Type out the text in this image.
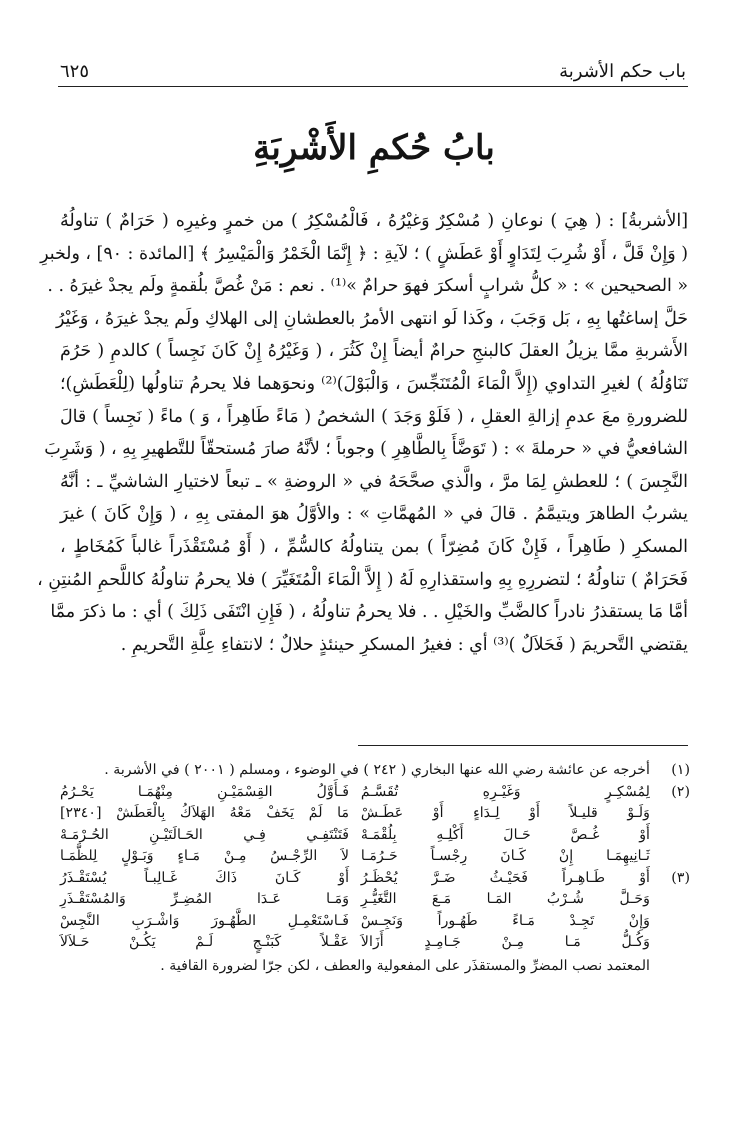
باب حكم الأشربة
٦٢٥
بابُ حُكمِ الأَشْرِبَةِ

[الأشربةُ] : ( هِيَ ) نوعانِ ( مُسْكِرٌ وَغيْرُهُ ، فَالْمُسْكِرُ ) من خمرٍ وغيرِه ( حَرَامٌ ) تناولُهُ

( وَإِنْ قَلَّ ، أَوْ شُرِبَ لِتَدَاوٍ أَوْ عَطَشٍ ) ؛ لآيةِ : ﴿ إِنَّمَا الْخَمْرُ وَالْمَيْسِرُ ﴾ [المائدة : ٩٠] ، ولخبرِ

« الصحيحين » : « كلُّ شرابٍ أسكرَ فهوَ حرامٌ »⁽¹⁾ . نعم : مَنْ غُصَّ بلُقمةٍ ولَم يجدْ غيرَهُ . .

حَلَّ إساغتُها بِهِ ، بَل وَجَبَ ، وكَذا لَو انتهى الأمرُ بالعطشانِ إلى الهلاكِ ولَم يجدْ غيرَهُ ، وَغَيْرُ

الأَشربةِ ممَّا يزيلُ العقلَ كالبنجِ حرامٌ أيضاً إِنْ كَثُرَ ، ( وَغَيْرُهُ إِنْ كَانَ نَجِساً ) كالدمِ ( حَرُمَ

تَنَاوُلُهُ ) لغيرِ التداوي (إِلاَّ الْمَاءَ الْمُتَنَجِّسَ ، وَالْبَوْلَ)⁽²⁾ ونحوَهما فلا يحرمُ تناولُها (لِلْعَطَشِ)؛

للضرورةِ معَ عدمِ إزالةِ العقلِ ، ( فَلَوْ وَجَدَ ) الشخصُ ( مَاءً طَاهِراً ، وَ ) ماءً ( نَجِساً ) قالَ

الشافعيُّ في « حرملةَ » : ( تَوَضَّأَ بِالطَّاهِرِ ) وجوباً ؛ لأنَّهُ صارَ مُستحقّاً للتَّطهيرِ بِهِ ، ( وَشَرِبَ

النَّجِسَ ) ؛ للعطشِ لِمَا مرَّ ، والَّذي صحَّحَهُ في « الروضةِ » ـ تبعاً لاختيارِ الشاشيِّ ـ : أنَّهُ

يشربُ الطاهرَ ويتيمَّمُ . قالَ في « المُهمَّاتِ » : والأوَّلُ هوَ المفتى بِهِ ، ( وَإِنْ كَانَ ) غيرَ

المسكرِ ( طَاهِراً ، فَإِنْ كَانَ مُضِرّاً ) بمن يتناولُهُ كالسُّمِّ ، ( أَوْ مُسْتَقْذَراً غالباً كَمُخَاطٍ ،

فَحَرَامٌ ) تناولُهُ ؛ لتضررِهِ بِهِ واستقذارِهِ لَهُ ( إِلاَّ الْمَاءَ الْمُتَغَيِّرَ ) فلا يحرمُ تناولُهُ كاللَّحمِ المُنتِنِ ،

أمَّا مَا يستقذرُ نادراً كالضَّبِّ والخَيْلِ . . فلا يحرمُ تناولُهُ ، ( فَإِنِ انْتَفَى ذَلِكَ ) أي : ما ذكرَ ممَّا

يقتضي التَّحريمَ ( فَحَلاَلٌ )⁽³⁾ أي : فغيرُ المسكرِ حينئذٍ حلالٌ ؛ لانتفاءِ عِلَّةِ التَّحريمِ .

(١)
أخرجه عن عائشة رضي الله عنها البخاري ( ٢٤٢ ) في الوضوء ، ومسلم ( ٢٠٠١ ) في الأشربة .
(٢)
لِمُسْكِـرٍ وَغَيْـرِهِ تُقَسَّـمُ
فَـأَوَّلُ القِسْمَيْـنِ مِنْهُمَـا يَحْـرُمُ
وَلَـوْ قليـلاً أَوْ لِـدَاءٍ أَوْ عَطَـشْ
مَا لَمْ يَخَفْ مَعْهُ الهَلاَكُ بِالْعَطَشْ [٢٣٤٠]
أَوْ غُـصَّ حَـالَ أَكْلِـهِ بِلُقْمَـهْ
فَتَنْتَفِـي فِـي الحَـالَتَيْـنِ الحُـرْمَـهْ
ثَـانِيهِمَـا إِنْ كَـانَ رِجْسـاً حَـرُمَـا
لاَ الرِّجْـسُ مِـنْ مَـاءٍ وَبَـوْلٍ لِلظَّمَـا
(٣)
أَوْ طَـاهِـراً فَحَيْـثُ ضَـرَّ يُحْظَـرُ
أَوْ كَـانَ ذَاكَ غَـالِبـاً يُسْتَقْـذَرُ
وَحَـلَّ شُـرْبُ المَـا مَـعَ التَّغَيُّـرِ
وَمَـا عَـدَا المُضِـرِّ وَالمُسْتَقْـذَرِ
وَإِنْ تَجِـدْ مَـاءً طَهُـوراً وَنَجِـسْ
فَـاسْتَعْمِـلِ الطَّهُـورَ وَاشْـرَبِ النَّجِسْ
وَكُـلُّ مَـا مِـنْ جَـامِـدٍ أَزَالاَ
عَقْـلاً كَبَنْـجٍ لَـمْ يَكُـنْ حَـلاَلاَ
المعتمد نصب المضرِّ والمستقذَر على المفعولية والعطف ، لكن جرّا لضرورة القافية .
